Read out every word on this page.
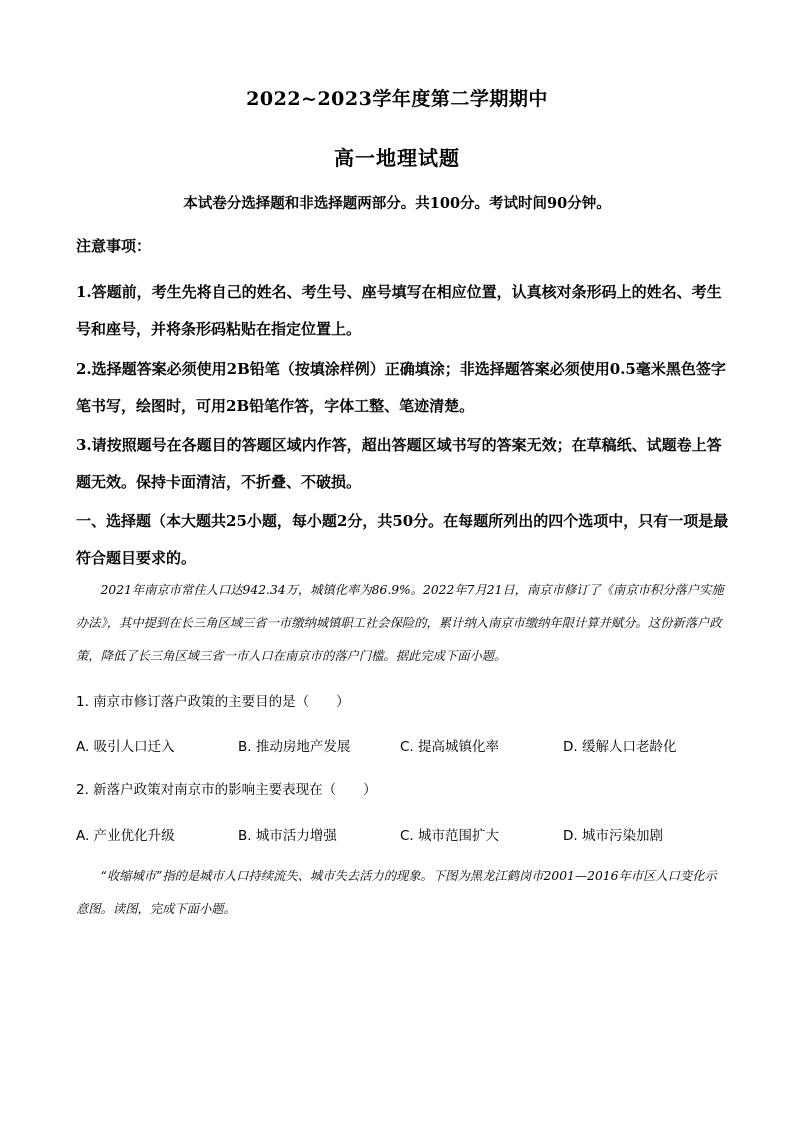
2022~2023学年度第二学期期中
高一地理试题
本试卷分选择题和非选择题两部分。共100分。考试时间90分钟。
注意事项：
1.答题前，考生先将自己的姓名、考生号、座号填写在相应位置，认真核对条形码上的姓名、考生号和座号，并将条形码粘贴在指定位置上。
2.选择题答案必须使用2B铅笔（按填涂样例）正确填涂；非选择题答案必须使用0.5毫米黑色签字笔书写，绘图时，可用2B铅笔作答，字体工整、笔迹清楚。
3.请按照题号在各题目的答题区域内作答，超出答题区域书写的答案无效；在草稿纸、试题卷上答题无效。保持卡面清洁，不折叠、不破损。
一、选择题（本大题共25小题，每小题2分，共50分。在每题所列出的四个选项中，只有一项是最符合题目要求的。
2021年南京市常住人口达942.34万，城镇化率为86.9%。2022年7月21日，南京市修订了《南京市积分落户实施办法》，其中提到在长三角区域三省一市缴纳城镇职工社会保险的，累计纳入南京市缴纳年限计算并赋分。这份新落户政策，降低了长三角区域三省一市人口在南京市的落户门槛。据此完成下面小题。
1. 南京市修订落户政策的主要目的是（　　）
A. 吸引人口迁入	B. 推动房地产发展	C. 提高城镇化率	D. 缓解人口老龄化
2. 新落户政策对南京市的影响主要表现在（　　）
A. 产业优化升级	B. 城市活力增强	C. 城市范围扩大	D. 城市污染加剧
“收缩城市”指的是城市人口持续流失、城市失去活力的现象。下图为黑龙江鹤岗市2001—2016年市区人口变化示意图。读图，完成下面小题。
